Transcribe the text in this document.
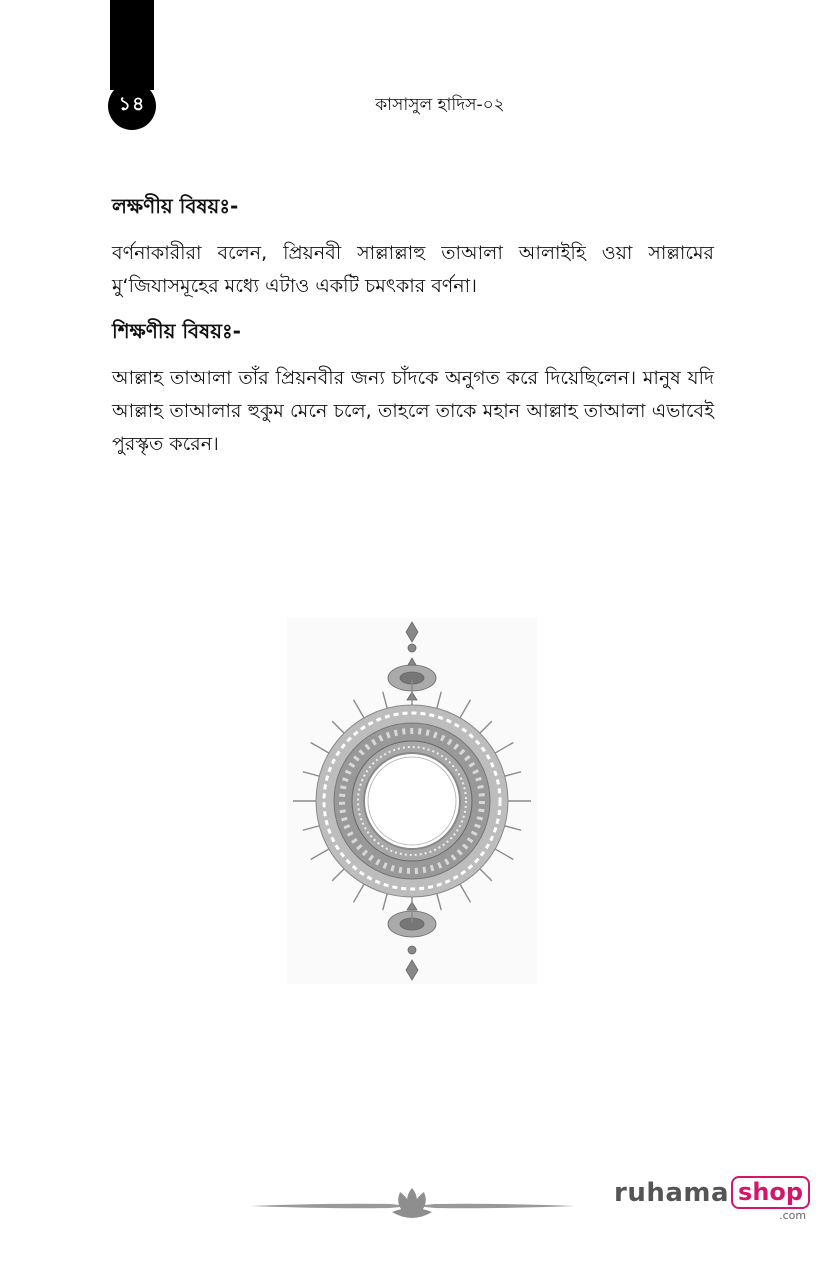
১৪	কাসাসুল হাদিস-০২
লক্ষণীয় বিষয়ঃ-

বর্ণনাকারীরা বলেন, প্রিয়নবী সাল্লাল্লাহু তাআলা আলাইহি ওয়া সাল্লামের মু‘জিযাসমূহের মধ্যে এটাও একটি চমৎকার বর্ণনা।

শিক্ষণীয় বিষয়ঃ-

আল্লাহ তাআলা তাঁর প্রিয়নবীর জন্য চাঁদকে অনুগত করে দিয়েছিলেন। মানুষ যদি আল্লাহ তাআলার হুকুম মেনে চলে, তাহলে তাকে মহান আল্লাহ তাআলা এভাবেই পুরস্কৃত করেন।

ruhama shop
.com
